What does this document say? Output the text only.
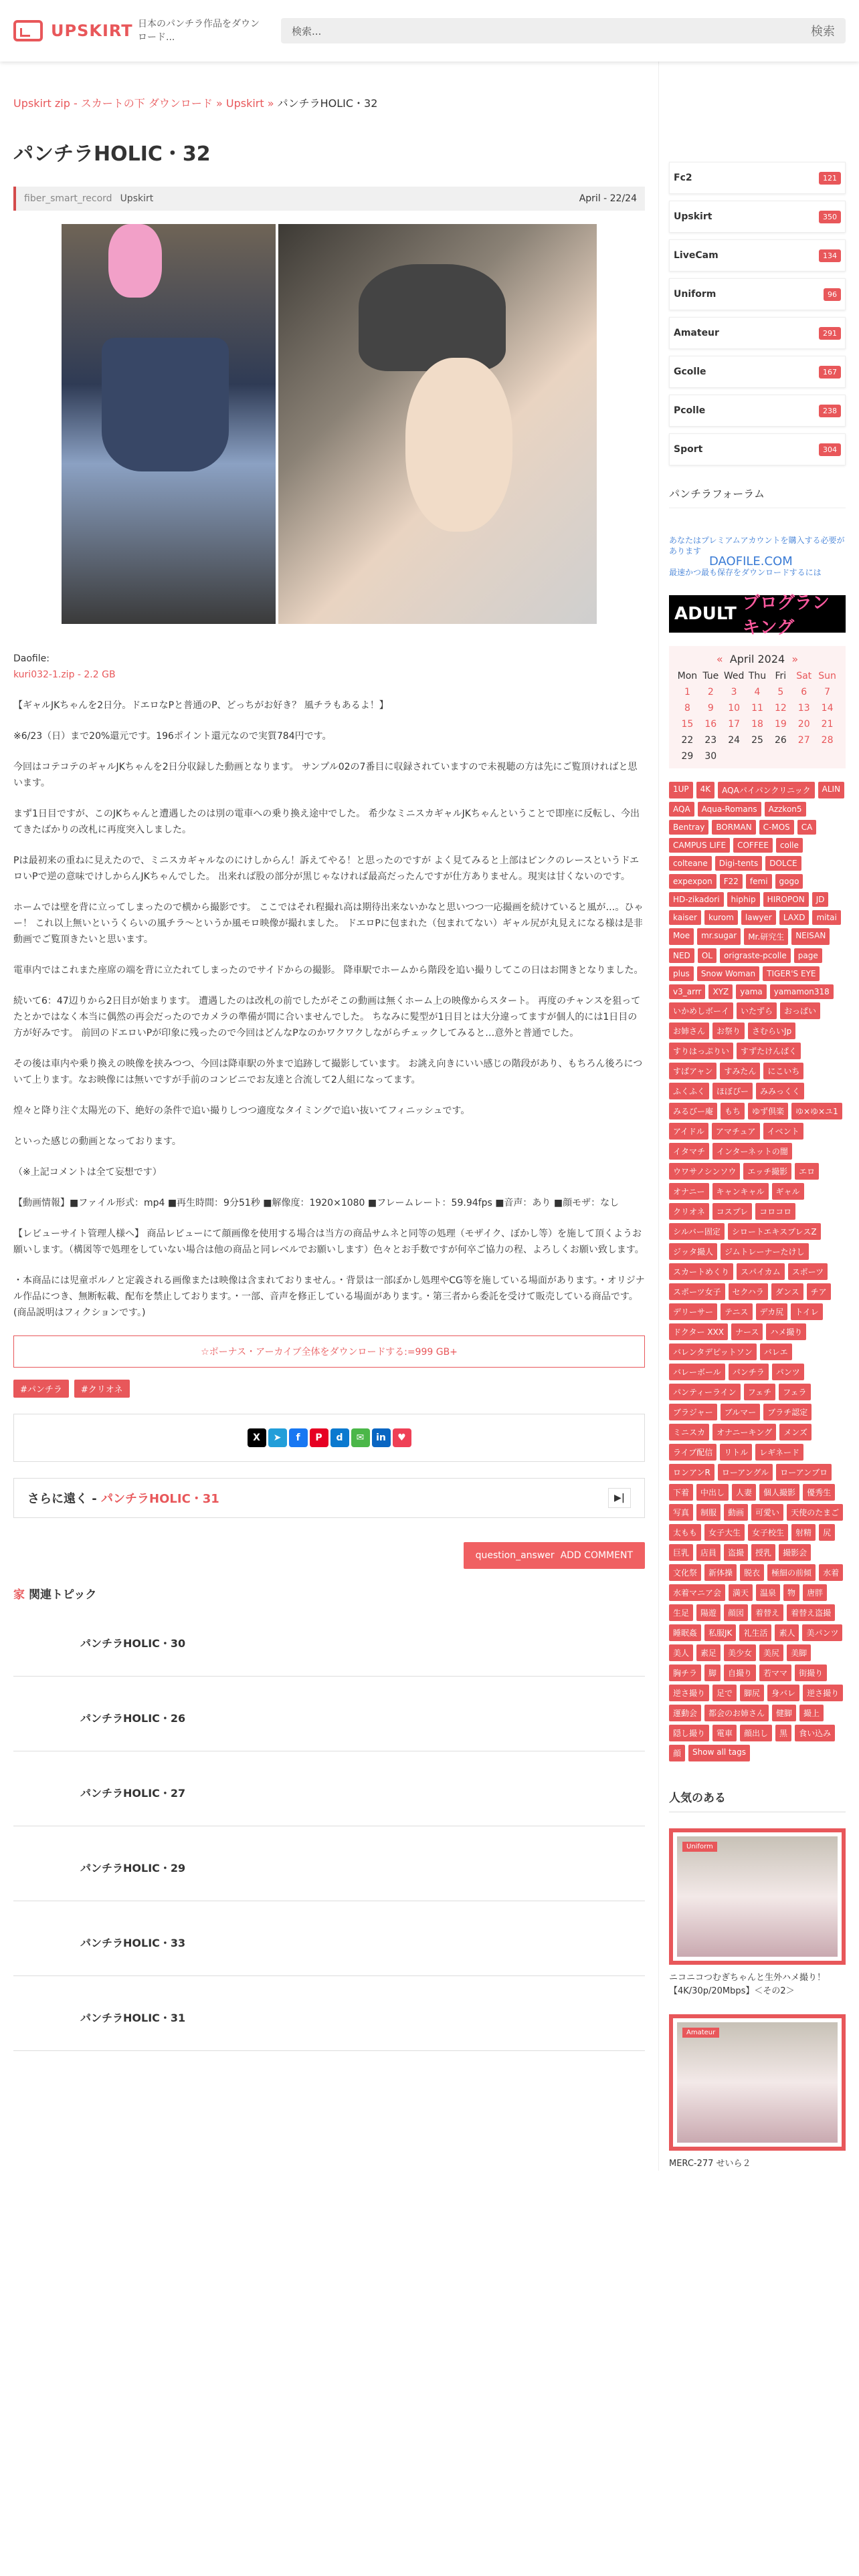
UPSKIRT 日本のパンチラ作品をダウンロード...
検索...	検索
Upskirt zip - スカートの下 ダウンロード » Upskirt » パンチラHOLIC・32
パンチラHOLIC・32
fiber_smart_record Upskirt	April - 22/24
Daofile:
kuri032-1.zip - 2.2 GB

【ギャルJKちゃんを2日分。ドエロなPと普通のP、どっちがお好き？ 風チラもあるよ！】

※6/23（日）まで20%還元です。196ポイント還元なので実質784円です。

今回はコテコテのギャルJKちゃんを2日分収録した動画となります。 サンプル02の7番目に収録されていますので未視聴の方は先にご覧頂ければと思います。

まず1日目ですが、このJKちゃんと遭遇したのは別の電車への乗り換え途中でした。 希少なミニスカギャルJKちゃんということで即座に反転し、今出てきたばかりの改札に再度突入しました。

Pは最初来の重ねに見えたので、ミニスカギャルなのにけしからん！訴えてやる！と思ったのですが よく見てみると上部はピンクのレースというドエロいPで逆の意味でけしからんJKちゃんでした。 出来れば股の部分が黒じゃなければ最高だったんですが仕方ありません。現実は甘くないのです。

ホームでは壁を背に立ってしまったので横から撮影です。 ここではそれ程撮れ高は期待出来ないかなと思いつつ一応撮画を続けていると風が…。ひゃー！ これ以上無いというくらいの風チラ～というか風モロ映像が撮れました。 ドエロPに包まれた（包まれてない）ギャル尻が丸見えになる様は是非動画でご覧頂きたいと思います。

電車内ではこれまた座席の端を背に立たれてしまったのでサイドからの撮影。 降車駅でホームから階段を追い撮りしてこの日はお開きとなりました。

続いて6：47辺りから2日目が始まります。 遭遇したのは改札の前でしたがそこの動画は無くホーム上の映像からスタート。 再度のチャンスを狙ってたとかではなく本当に偶然の再会だったのでカメラの準備が間に合いませんでした。 ちなみに髪型が1日目とは大分違ってますが個人的には1日目の方が好みです。 前回のドエロいPが印象に残ったので今回はどんなPなのかワクワクしながらチェックしてみると…意外と普通でした。

その後は車内や乗り換えの映像を挟みつつ、今回は降車駅の外まで追跡して撮影しています。 お誂え向きにいい感じの階段があり、もちろん後ろについて上ります。なお映像には無いですが手前のコンビニでお友達と合流して2人組になってます。

煌々と降り注ぐ太陽光の下、絶好の条件で追い撮りしつつ適度なタイミングで追い抜いてフィニッシュです。

といった感じの動画となっております。

（※上記コメントは全て妄想です）

【動画情報】■ファイル形式：mp4 ■再生時間：9分51秒 ■解像度：1920×1080 ■フレームレート：59.94fps ■音声：あり ■顔モザ：なし

【レビューサイト管理人様へ】 商品レビューにて顔画像を使用する場合は当方の商品サムネと同等の処理（モザイク、ぼかし等）を施して頂くようお願いします。（構図等で処理をしていない場合は他の商品と同レベルでお願いします）色々とお手数ですが何卒ご協力の程、よろしくお願い致します。

・本商品には児童ポルノと定義される画像または映像は含まれておりません。・背景は一部ぼかし処理やCG等を施している場面があります。・オリジナル作品につき、無断転載、配布を禁止しております。・一部、音声を修正している場面があります。・第三者から委託を受けて販売している商品です。(商品説明はフィクションです。)

☆ボーナス・アーカイブ全体をダウンロードする:=999 GB+
#パンチラ	#クリオネ
X	➤	f	P	d	✉	in	♥
さらに遠く - パンチラHOLIC・31	▶|
question_answer ADD COMMENT
家 関連トピック
パンチラHOLIC・30
パンチラHOLIC・26
パンチラHOLIC・27
パンチラHOLIC・29
パンチラHOLIC・33
パンチラHOLIC・31
Fc2	121
Upskirt	350
LiveCam	134
Uniform	96
Amateur	291
Gcolle	167
Pcolle	238
Sport	304
パンチラフォーラム
あなたはプレミアムアカウントを購入する必要があります
DAOFILE.COM
最速かつ最も保存をダウンロードするには
ADULT

ブログランキング
« April 2024 »
Mon Tue Wed Thu Fri	Sat Sun
1	2	3	4	5	6	7
8	9	10	11	12	13	14
15	16	17	18	19	20	21
22	23	24	25	26	27	28
29	30
1UP	4K	AQAパイパンクリニック	ALIN
AQA	Aqua-Romans	Azzkon5
Bentray	BORMAN	C-MOS	CA
CAMPUS LIFE	COFFEE	colle
colteane	Digi-tents	DOLCE
expexpon	F22	femi	gogo
HD-zikadori	hiphip	HIROPON	JD
kaiser	kurom	lawyer	LAXD	mitai
Moe	mr.sugar	Mr.研究生	NEISAN
NED	OL	origraste-pcolle	page
plus	Snow Woman	TIGER'S EYE
v3_arrr	XYZ	yama	yamamon318
いかめしボーイ	いたずら	おっぱい
お姉さん	お祭り	さむらいJp
すりはっぷりい	すずたけんぱく
すばアャン	すみたん	にこいち
ふくふく	ほぼぴー	みみっくく
みるびー庵	もち	ゆず倶楽	ゆ×ゆ×ユ1
アイドル	アマチュア	イベント
イタマチ	インターネットの闇
ウワサノシンソウ	エッチ撮影	エロ
オナニー	キャンキャル	ギャル
クリオネ	コスプレ	コロコロ
シルバー固定	シロートエキスプレスZ
ジッタ撮人	ジムトレーナーたけし
スカートめくり	スパイカム	スポーツ
スポーツ女子	セクハラ	ダンス	チア
デリーサー	テニス	デカ尻	トイレ
ドクター XXX	ナース	ハメ撮り
バレンタデピットソン	バレエ
バレーボール	パンチラ	パンツ
パンティーライン	フェチ	フェラ
ブラジャー	ブルマー	ブラチ認定
ミニスカ	オナニーキング	メンズ
ライブ配信	リトル	レギネード
ロンアンR	ローアングル	ローアンブロ
下着	中出し	人妻	個人撮影	優秀生
写真	制服	動画	可愛い	天使のたまご
太もも	女子大生	女子校生	射精	尻
巨乳	店員	盗撮	授乳	撮影会
文化祭	新体操	脱衣	極細の前傾	水着
水着マニア会	満天	温泉	物	唐胖
生足	陽遊	顔図	着替え	着替え盗撮
睡眠姦	私服JK	礼生活	素人	美パンツ
美人	素足	美少女	美尻	美脚
胸チラ	脚	自撮り	若ママ	街撮り
逆さ撮り	足で	脚尻	身バレ	逆さ撮り
運動会	都会のお姉さん	健脚	撮上
隠し撮り	電車	顔出し	黒	食い込み
顔	Show all tags
人気のある
Uniform
ニコニコつむぎちゃんと生外ハメ撮り！【4K/30p/20Mbps】＜その2＞
Amateur
MERC-277 せいら２
